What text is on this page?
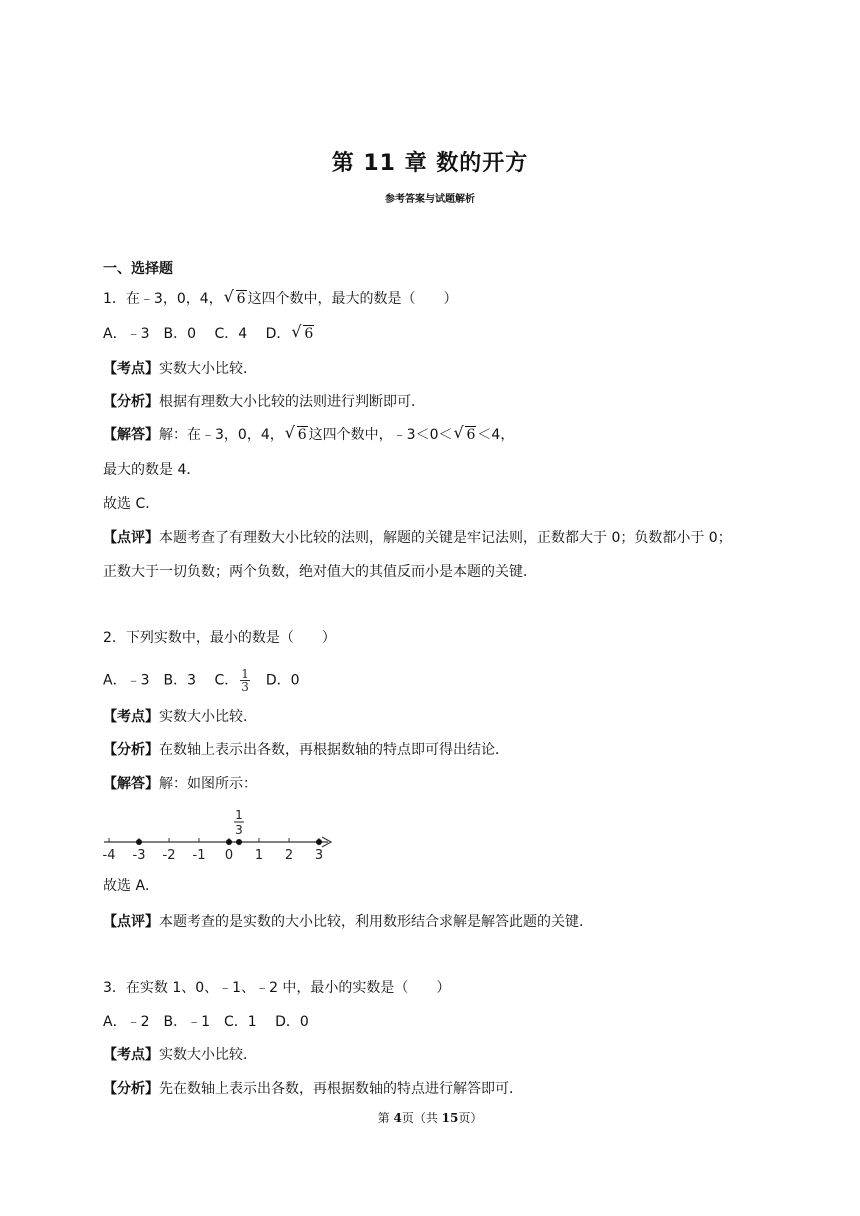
第 11 章 数的开方
参考答案与试题解析
一、选择题
1．在﹣3，0，4， √ 6 这四个数中，最大的数是（　　）
A．﹣3　B．0　 C．4　 D． √ 6
【考点】实数大小比较．
【分析】根据有理数大小比较的法则进行判断即可．
【解答】解：在﹣3，0，4， √ 6 这四个数中，﹣3＜0＜ √ 6 ＜4，
最大的数是 4．
故选 C．
【点评】本题考查了有理数大小比较的法则，解题的关键是牢记法则，正数都大于 0；负数都小于 0；
正数大于一切负数；两个负数，绝对值大的其值反而小是本题的关键．
2．下列实数中，最小的数是（　　）
A．﹣3　B．3　 C． $\frac{1}{3}$ 　D．0
【考点】实数大小比较．
【分析】在数轴上表示出各数，再根据数轴的特点即可得出结论．
【解答】解：如图所示：
-4 -3 -2 -1 0 1 2 3
1
3
故选 A．
【点评】本题考查的是实数的大小比较，利用数形结合求解是解答此题的关键．
3．在实数 1、0、﹣1、﹣2 中，最小的实数是（　　）
A．﹣2　B．﹣1　C．1　 D．0
【考点】实数大小比较．
【分析】先在数轴上表示出各数，再根据数轴的特点进行解答即可．
第 4页（共 15页）
